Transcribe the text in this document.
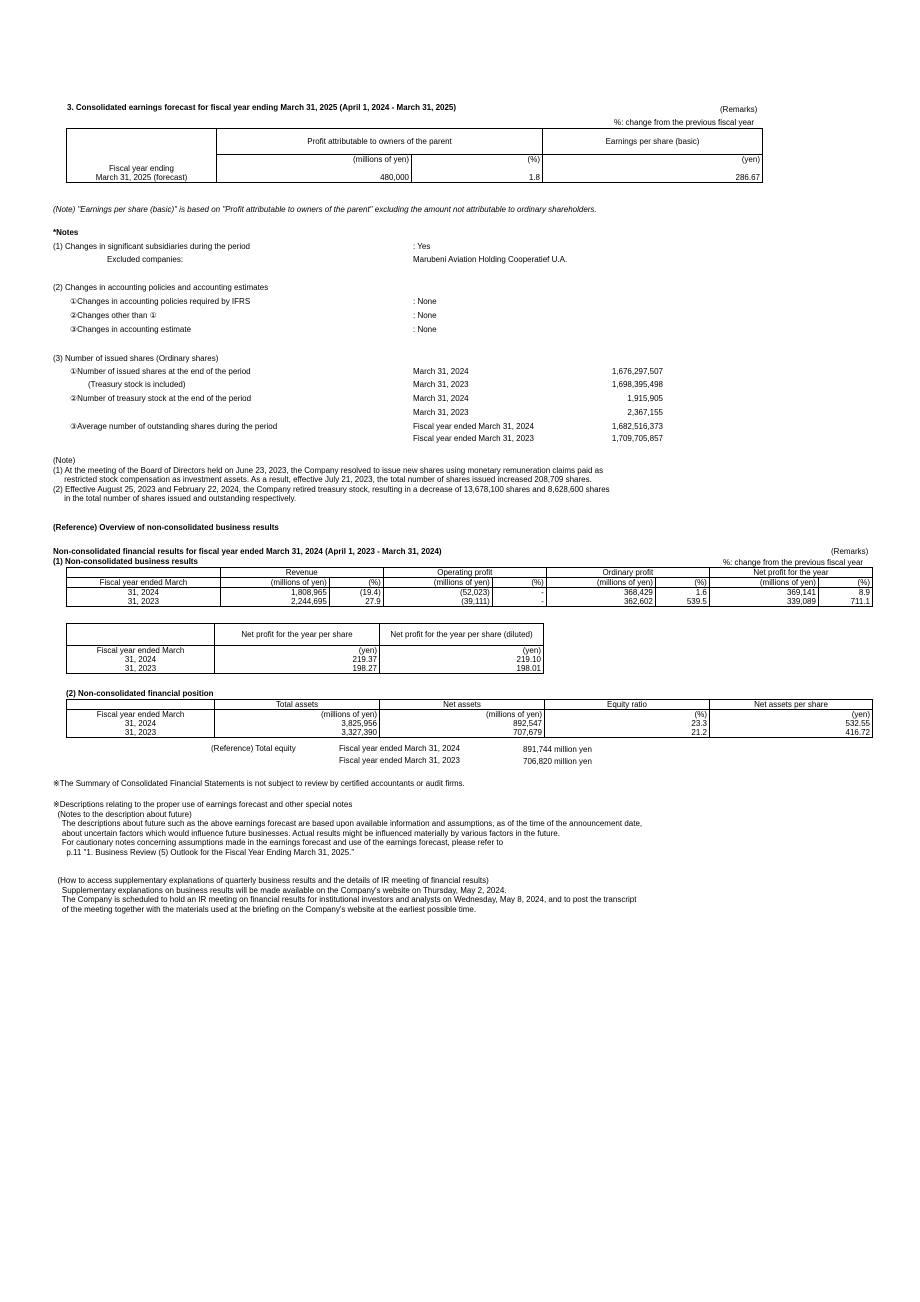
3. Consolidated earnings forecast for fiscal year ending March 31, 2025 (April 1, 2024 - March 31, 2025)	(Remarks)
%: change from the previous fiscal year
	Profit attributable to owners of the parent		Earnings per share (basic)
	(millions of yen)	(%)	(yen)
Fiscal year ending			
March 31, 2025 (forecast)	480,000	1.8	286.67
(Note) "Earnings per share (basic)" is based on "Profit attributable to owners of the parent" excluding the amount not attributable to ordinary shareholders.
*Notes
(1) Changes in significant subsidiaries during the period	: Yes
Excluded companies:	Marubeni Aviation Holding Cooperatief U.A.
(2) Changes in accounting policies and accounting estimates
①Changes in accounting policies required by IFRS	: None
②Changes other than ①	: None
③Changes in accounting estimate	: None
(3) Number of issued shares (Ordinary shares)
①Number of issued shares at the end of the period	March 31, 2024	1,676,297,507
(Treasury stock is included)	March 31, 2023	1,698,395,498
②Number of treasury stock at the end of the period	March 31, 2024	1,915,905
March 31, 2023	2,367,155
③Average number of outstanding shares during the period	Fiscal year ended March 31, 2024	1,682,516,373
Fiscal year ended March 31, 2023	1,709,705,857
(Note)
(1) At the meeting of the Board of Directors held on June 23, 2023, the Company resolved to issue new shares using monetary remuneration claims paid as
restricted stock compensation as investment assets. As a result, effective July 21, 2023, the total number of shares issued increased 208,709 shares.
(2) Effective August 25, 2023 and February 22, 2024, the Company retired treasury stock, resulting in a decrease of 13,678,100 shares and 8,628,600 shares
in the total number of shares issued and outstanding respectively.
(Reference) Overview of non-consolidated business results
Non-consolidated financial results for fiscal year ended March 31, 2024 (April 1, 2023 - March 31, 2024)	(Remarks)
(1) Non-consolidated business results	%: change from the previous fiscal year
	Revenue		Operating profit		Ordinary profit		Net profit for the year	
Fiscal year ended March	(millions of yen)	(%)	(millions of yen)	(%)	(millions of yen)	(%)	(millions of yen)	(%)
31, 2024	1,808,965	(19.4)	(52,023)	-	368,429	1.6	369,141	8.9
31, 2023	2,244,695	27.9	(39,111)	-	362,602	539.5	339,089	711.1
	Net profit for the year per share	Net profit for the year per share (diluted)
Fiscal year ended March	(yen)	(yen)
31, 2024	219.37	219.10
31, 2023	198.27	198.01
(2) Non-consolidated financial position
	Total assets	Net assets	Equity ratio	Net assets per share
Fiscal year ended March	(millions of yen)	(millions of yen)	(%)	(yen)
31, 2024	3,825,956	892,547	23.3	532.55
31, 2023	3,327,390	707,679	21.2	416.72
(Reference) Total equity	Fiscal year ended March 31, 2024	891,744 million yen
Fiscal year ended March 31, 2023	706,820 million yen
※The Summary of Consolidated Financial Statements is not subject to review by certified accountants or audit firms.
※Descriptions relating to the proper use of earnings forecast and other special notes
(Notes to the description about future)
The descriptions about future such as the above earnings forecast are based upon available information and assumptions, as of the time of the announcement date,
about uncertain factors which would influence future businesses. Actual results might be influenced materially by various factors in the future.
For cautionary notes concerning assumptions made in the earnings forecast and use of the earnings forecast, please refer to
p.11 "1. Business Review (5) Outlook for the Fiscal Year Ending March 31, 2025."
(How to access supplementary explanations of quarterly business results and the details of IR meeting of financial results)
Supplementary explanations on business results will be made available on the Company's website on Thursday, May 2, 2024.
The Company is scheduled to hold an IR meeting on financial results for institutional investors and analysts on Wednesday, May 8, 2024, and to post the transcript
of the meeting together with the materials used at the briefing on the Company's website at the earliest possible time.
